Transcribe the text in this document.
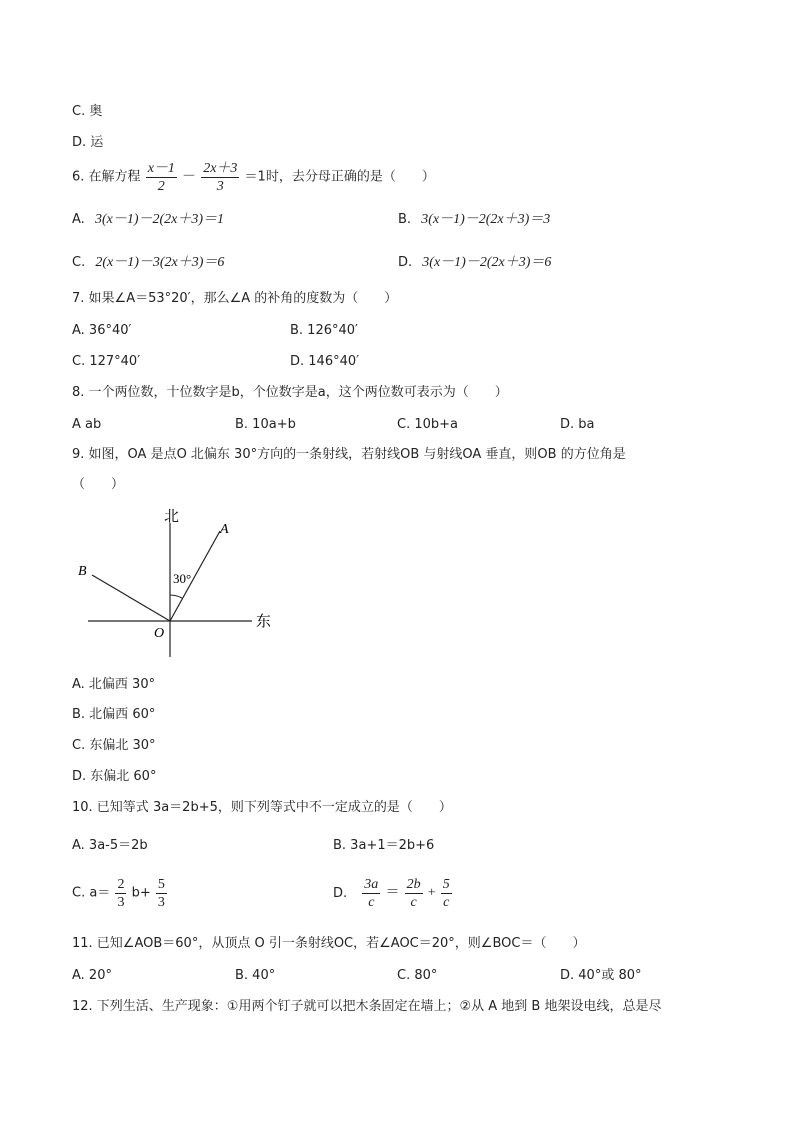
C. 奥
D. 运
6. 在解方程 $\frac{x-1}{2} - \frac{2x+3}{3} =1$时，去分母正确的是（　　）
A. 3(x－1)－2(2x＋3)＝1	B. 3(x－1)－2(2x＋3)＝3
C. 2(x－1)－3(2x＋3)＝6	D. 3(x－1)－2(2x＋3)＝6
7. 如果∠A＝53°20′，那么∠A 的补角的度数为（　　）
A. 36°40′	B. 126°40′
C. 127°40′	D. 146°40′
8. 一个两位数，十位数字是b，个位数字是a，这个两位数可表示为（　　）
A ab	B. 10a+b	C. 10b+a	D. ba
9. 如图，OA 是点O 北偏东 30°方向的一条射线，若射线OB 与射线OA 垂直，则OB 的方位角是
（　　）
北
东
A
B
O
30°
A. 北偏西 30°
B. 北偏西 60°
C. 东偏北 30°
D. 东偏北 60°
10. 已知等式 3a＝2b+5，则下列等式中不一定成立的是（　　）
A. 3a-5＝2b	B. 3a+1＝2b+6
C. $a= \frac{2}{3} b+ \frac{5}{3}$	D. $\frac{3a}{c} = \frac{2b}{c} + \frac{5}{c}$
11. 已知∠AOB＝60°，从顶点 O 引一条射线OC，若∠AOC＝20°，则∠BOC＝（　　）
A. 20°	B. 40°	C. 80°	D. 40°或 80°
12. 下列生活、生产现象：①用两个钉子就可以把木条固定在墙上；②从 A 地到 B 地架设电线，总是尽
